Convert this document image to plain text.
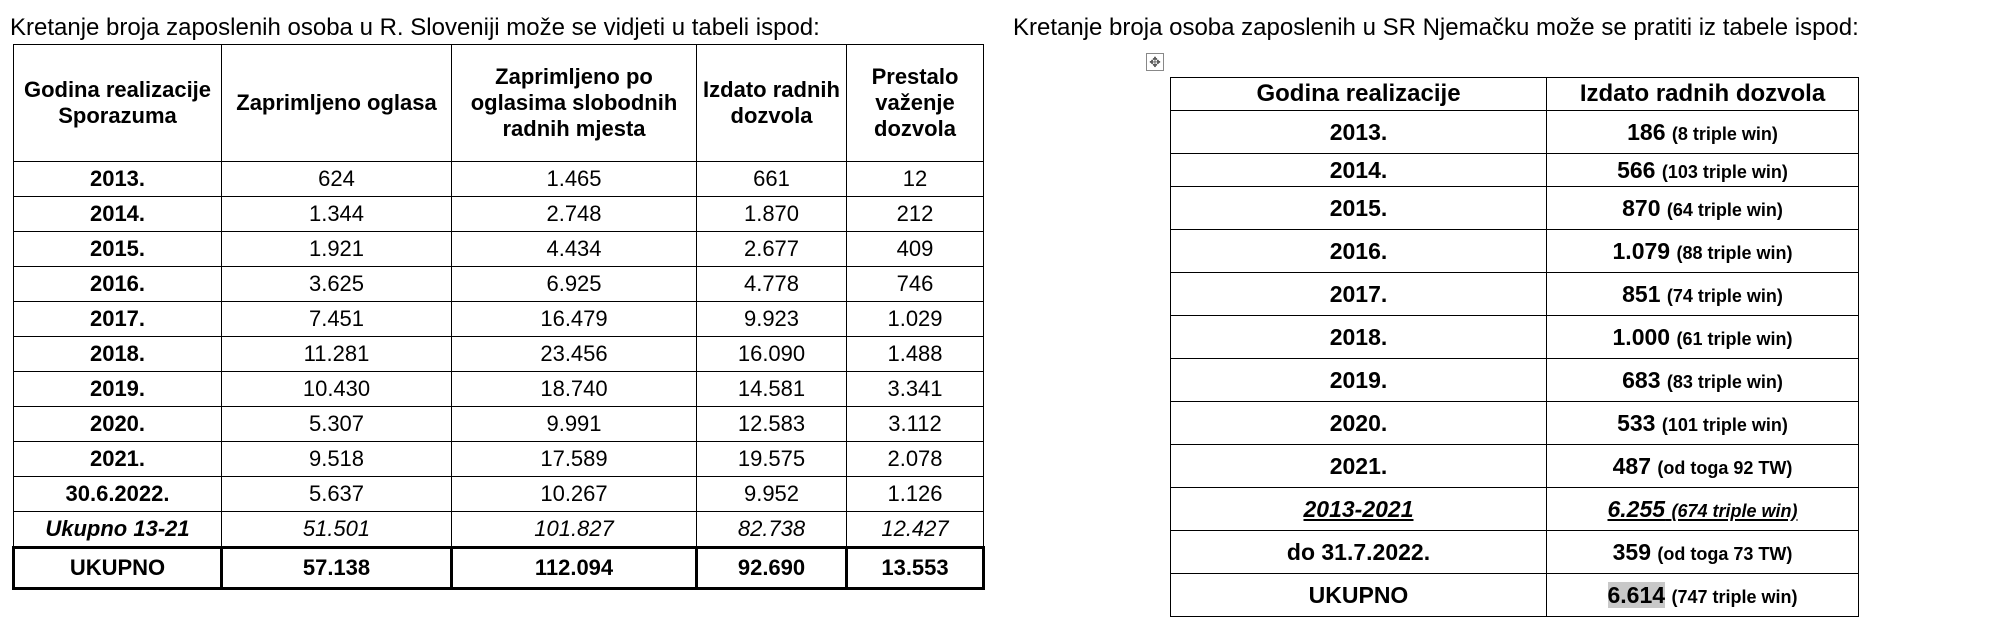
Kretanje broja zaposlenih osoba u R. Sloveniji može se vidjeti u tabeli ispod:	Kretanje broja osoba zaposlenih u SR Njemačku može se pratiti iz tabele ispod:
Godina realizacije Sporazuma	Zaprimljeno oglasa	Zaprimljeno po oglasima slobodnih radnih mjesta	Izdato radnih dozvola	Prestalo važenje dozvola
2013.	624	1.465	661	12
2014.	1.344	2.748	1.870	212
2015.	1.921	4.434	2.677	409
2016.	3.625	6.925	4.778	746
2017.	7.451	16.479	9.923	1.029
2018.	11.281	23.456	16.090	1.488
2019.	10.430	18.740	14.581	3.341
2020.	5.307	9.991	12.583	3.112
2021.	9.518	17.589	19.575	2.078
30.6.2022.	5.637	10.267	9.952	1.126
Ukupno 13-21	51.501	101.827	82.738	12.427
UKUPNO	57.138	112.094	92.690	13.553
✥
Godina realizacije	Izdato radnih dozvola
2013.	186 (8 triple win)
2014.	566 (103 triple win)
2015.	870 (64 triple win)
2016.	1.079 (88 triple win)
2017.	851 (74 triple win)
2018.	1.000 (61 triple win)
2019.	683 (83 triple win)
2020.	533 (101 triple win)
2021.	487 (od toga 92 TW)
2013-2021	6.255 (674 triple win)
do 31.7.2022.	359 (od toga 73 TW)
UKUPNO	6.614 (747 triple win)
